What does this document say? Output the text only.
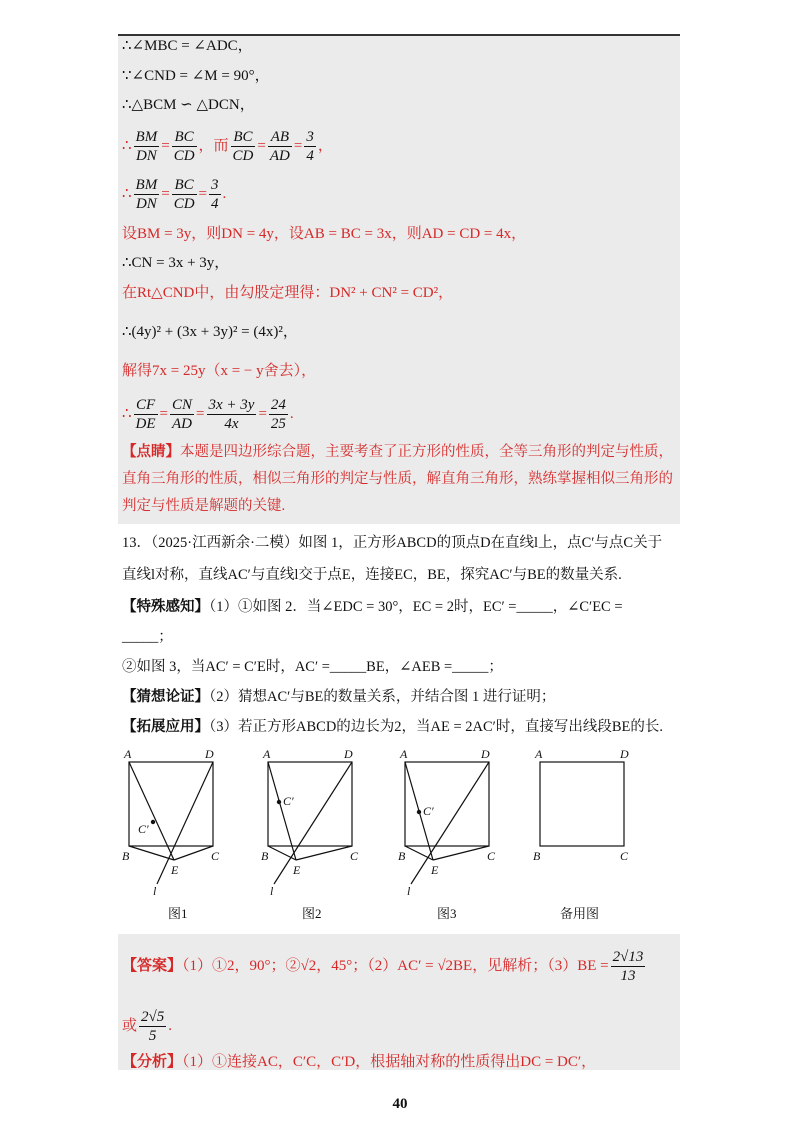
∴∠MBC = ∠ADC，
∵∠CND = ∠M = 90°，
∴△BCM ∽ △DCN，
∴ $\frac{BM}{DN} = \frac{BC}{CD}$ ，而 $\frac{BC}{CD} = \frac{AB}{AD} = \frac{3}{4}$ ，
∴ $\frac{BM}{DN} = \frac{BC}{CD} = \frac{3}{4}$ .
设BM = 3y，则DN = 4y，设AB = BC = 3x，则AD = CD = 4x，
∴CN = 3x + 3y，
在Rt△CND中，由勾股定理得：DN² + CN² = CD²，
∴(4y)² + (3x + 3y)² = (4x)²，
解得7x = 25y（x = − y舍去），
∴ $\frac{CF}{DE} = \frac{CN}{AD} = \frac{3x + 3y}{4x} = \frac{24}{25}$ .
【点睛】本题是四边形综合题，主要考查了正方形的性质，全等三角形的判定与性质，直角三角形的性质，相似三角形的判定与性质，解直角三角形，熟练掌握相似三角形的判定与性质是解题的关键.
13．（2025·江西新余·二模）如图 1，正方形ABCD的顶点D在直线l上，点C′与点C关于
直线l对称，直线AC′与直线l交于点E，连接EC，BE，探究AC′与BE的数量关系.
【特殊感知】（1）①如图 2．当∠EDC = 30°，EC = 2时，EC′ =_____，∠C′EC =
_____；
②如图 3，当AC′ = C′E时，AC′ =_____BE，∠AEB =_____；
【猜想论证】（2）猜想AC′与BE的数量关系，并结合图 1 进行证明；
【拓展应用】（3）若正方形ABCD的边长为2，当AE = 2AC′时，直接写出线段BE的长.
A	D
B	C
E
l
C′
A	D
B	C
E
l
C′
A	D
B	C
E
l
C′
A	D
B	C
图1	图2	图3	备用图
【答案】（1）①2，90°；②√2，45°；（2）AC′ = √2BE，见解析；$(3)BE = \frac{2√13}{13}$
或 $\frac{2√5}{5}$ .
【分析】（1）①连接AC，C′C，C′D，根据轴对称的性质得出DC = DC′，
40
